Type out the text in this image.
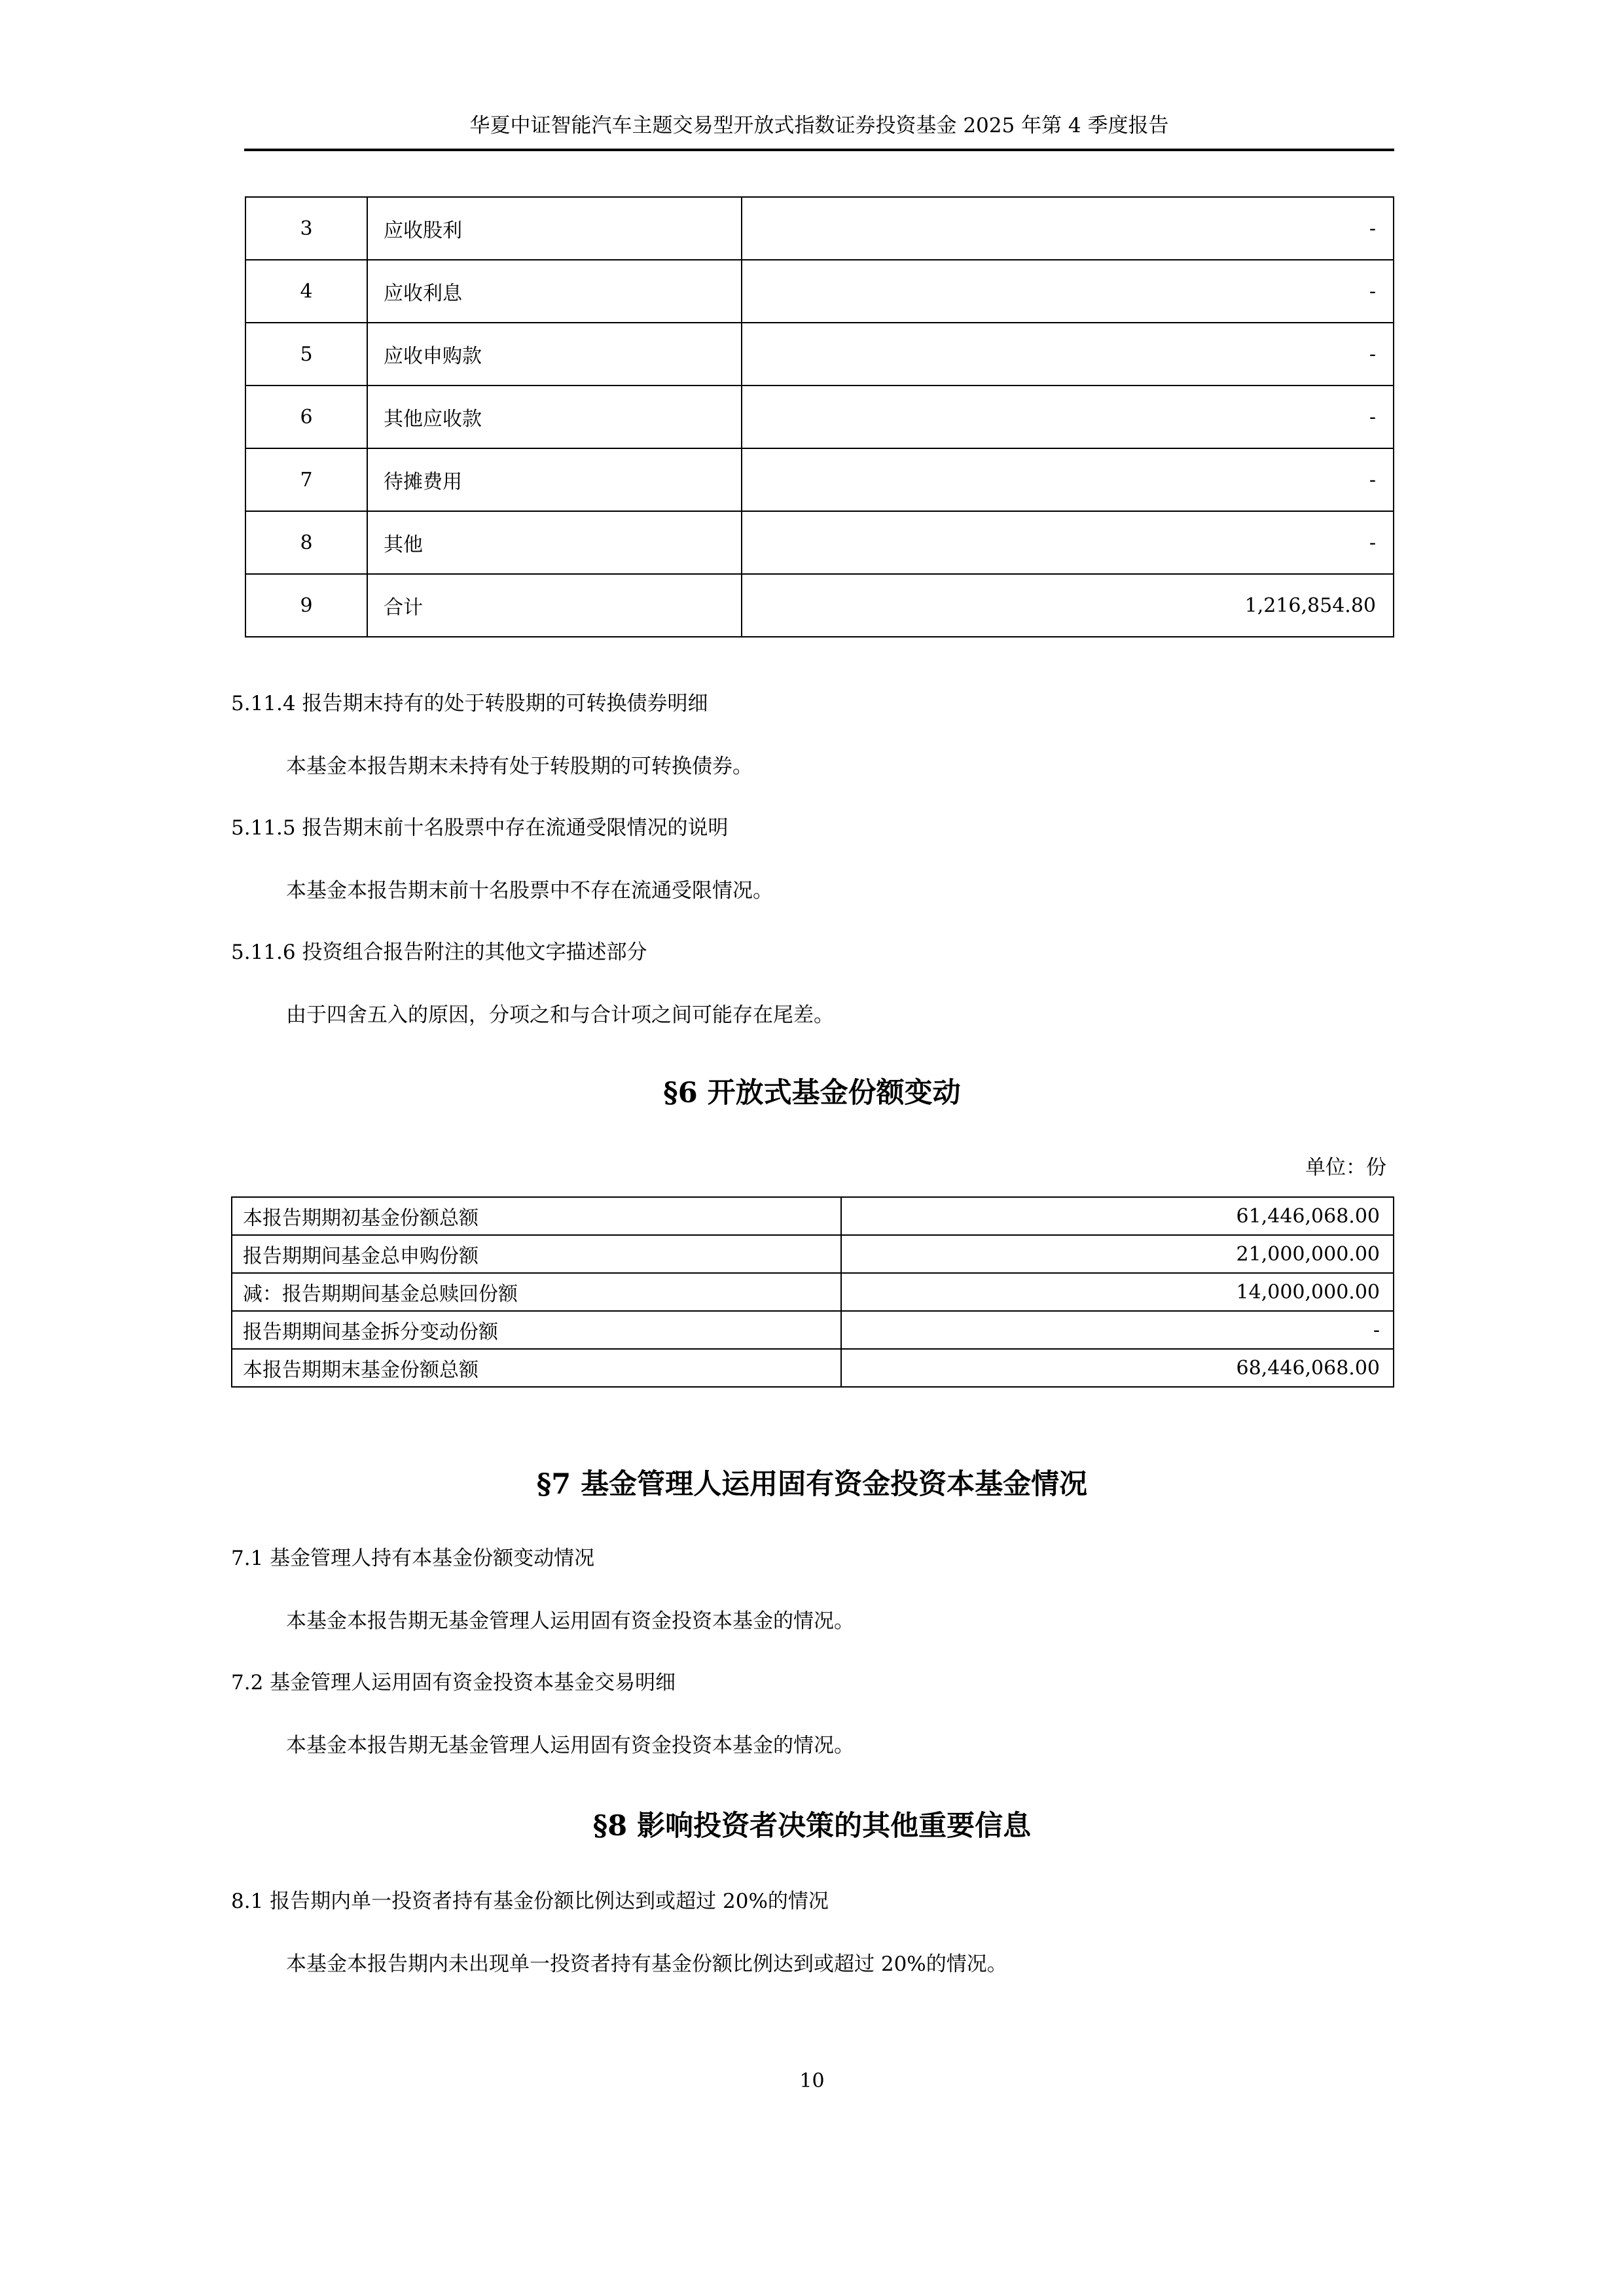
华夏中证智能汽车主题交易型开放式指数证券投资基金 2025 年第 4 季度报告
3	应收股利	-
4	应收利息	-
5	应收申购款	-
6	其他应收款	-
7	待摊费用	-
8	其他	-
9	合计	1,216,854.80
5.11.4 报告期末持有的处于转股期的可转换债券明细
本基金本报告期末未持有处于转股期的可转换债券。
5.11.5 报告期末前十名股票中存在流通受限情况的说明
本基金本报告期末前十名股票中不存在流通受限情况。
5.11.6 投资组合报告附注的其他文字描述部分
由于四舍五入的原因，分项之和与合计项之间可能存在尾差。
§6 开放式基金份额变动
单位：份
本报告期期初基金份额总额	61,446,068.00
报告期期间基金总申购份额	21,000,000.00
减：报告期期间基金总赎回份额	14,000,000.00
报告期期间基金拆分变动份额	-
本报告期期末基金份额总额	68,446,068.00
§7 基金管理人运用固有资金投资本基金情况
7.1 基金管理人持有本基金份额变动情况
本基金本报告期无基金管理人运用固有资金投资本基金的情况。
7.2 基金管理人运用固有资金投资本基金交易明细
本基金本报告期无基金管理人运用固有资金投资本基金的情况。
§8 影响投资者决策的其他重要信息
8.1 报告期内单一投资者持有基金份额比例达到或超过 20%的情况
本基金本报告期内未出现单一投资者持有基金份额比例达到或超过 20%的情况。
10
